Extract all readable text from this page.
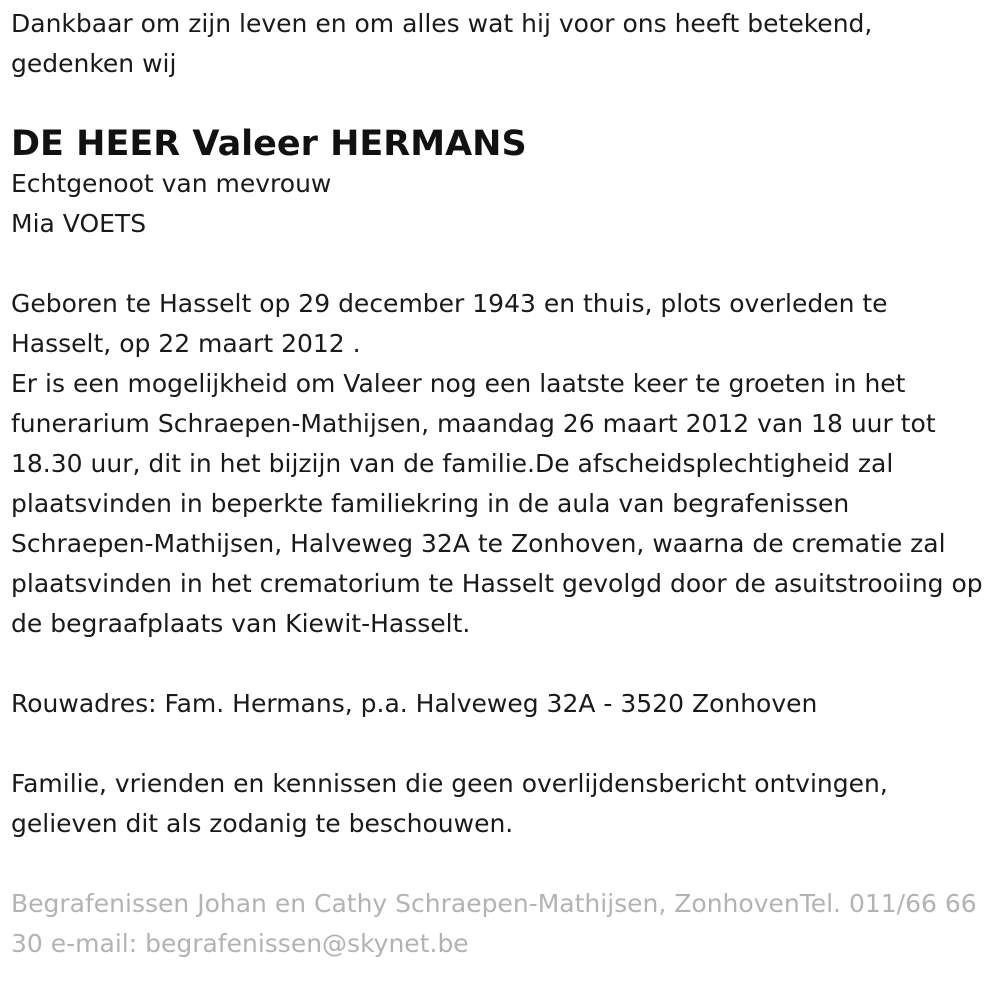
Dankbaar om zijn leven en om alles wat hij voor ons heeft betekend, gedenken wij

DE HEER Valeer HERMANS

Echtgenoot van mevrouw

Mia VOETS

Geboren te Hasselt op 29 december 1943 en thuis, plots overleden te Hasselt, op 22 maart 2012 .

Er is een mogelijkheid om Valeer nog een laatste keer te groeten in het funerarium Schraepen-Mathijsen, maandag 26 maart 2012 van 18 uur tot 18.30 uur, dit in het bijzijn van de familie.De afscheidsplechtigheid zal plaatsvinden in beperkte familiekring in de aula van begrafenissen Schraepen-Mathijsen, Halveweg 32A te Zonhoven, waarna de crematie zal plaatsvinden in het crematorium te Hasselt gevolgd door de asuitstrooiing op de begraafplaats van Kiewit-Hasselt.

Rouwadres: Fam. Hermans, p.a. Halveweg 32A - 3520 Zonhoven

Familie, vrienden en kennissen die geen overlijdensbericht ontvingen, gelieven dit als zodanig te beschouwen.

Begrafenissen Johan en Cathy Schraepen-Mathijsen, ZonhovenTel. 011/66 66 30 e-mail: begrafenissen@skynet.be
